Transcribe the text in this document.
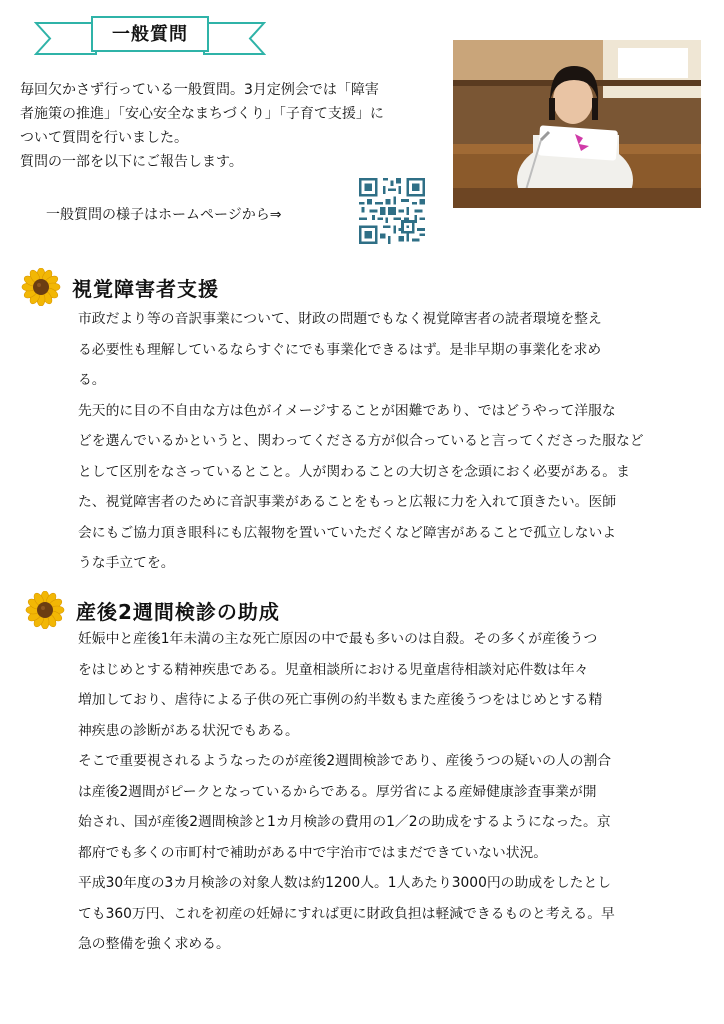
一般質問

毎回欠かさず行っている一般質問。3月定例会では「障害

者施策の推進」「安心安全なまちづくり」「子育て支援」に

ついて質問を行いました。

質問の一部を以下にご報告します。

一般質問の様子はホームページから⇒
視覚障害者支援

市政だより等の音訳事業について、財政の問題でもなく視覚障害者の読者環境を整え

る必要性も理解しているならすぐにでも事業化できるはず。是非早期の事業化を求め

る。

先天的に目の不自由な方は色がイメージすることが困難であり、ではどうやって洋服な

どを選んでいるかというと、関わってくださる方が似合っていると言ってくださった服など

として区別をなさっているとこと。人が関わることの大切さを念頭におく必要がある。ま

た、視覚障害者のために音訳事業があることをもっと広報に力を入れて頂きたい。医師

会にもご協力頂き眼科にも広報物を置いていただくなど障害があることで孤立しないよ

うな手立てを。

産後2週間検診の助成

妊娠中と産後1年未満の主な死亡原因の中で最も多いのは自殺。その多くが産後うつ

をはじめとする精神疾患である。児童相談所における児童虐待相談対応件数は年々

増加しており、虐待による子供の死亡事例の約半数もまた産後うつをはじめとする精

神疾患の診断がある状況でもある。

そこで重要視されるようなったのが産後2週間検診であり、産後うつの疑いの人の割合

は産後2週間がピークとなっているからである。厚労省による産婦健康診査事業が開

始され、国が産後2週間検診と1カ月検診の費用の1／2の助成をするようになった。京

都府でも多くの市町村で補助がある中で宇治市ではまだできていない状況。

平成30年度の3カ月検診の対象人数は約1200人。1人あたり3000円の助成をしたとし

ても360万円、これを初産の妊婦にすれば更に財政負担は軽減できるものと考える。早

急の整備を強く求める。
